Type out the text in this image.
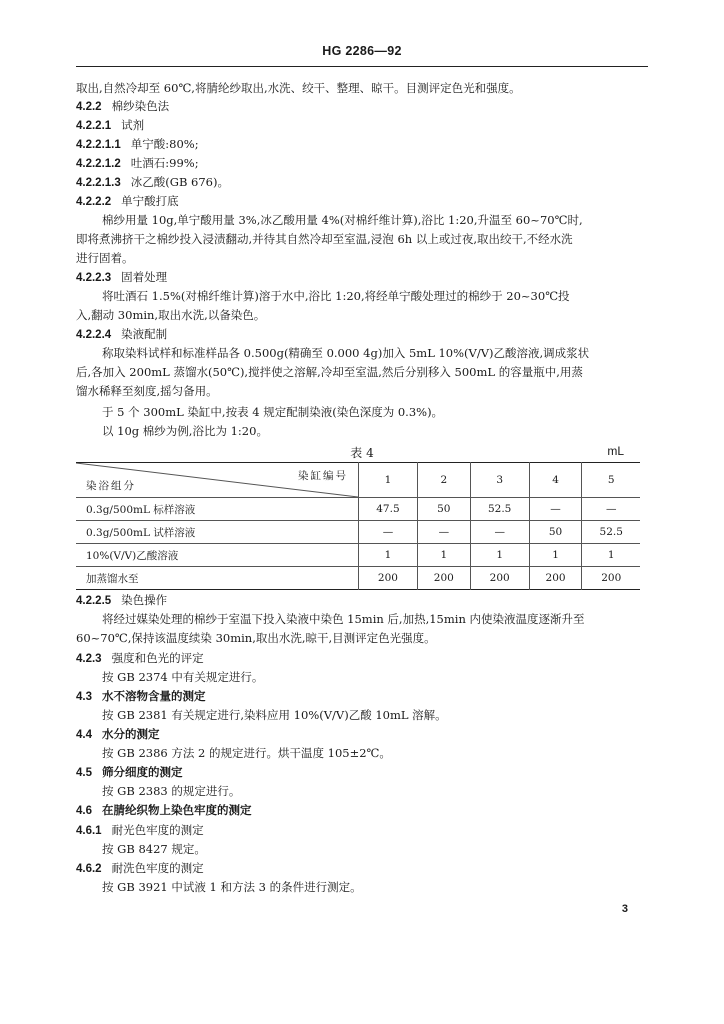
HG 2286—92
取出,自然冷却至 60℃,将腈纶纱取出,水洗、绞干、整理、晾干。目测评定色光和强度。
4.2.2 棉纱染色法
4.2.2.1 试剂
4.2.2.1.1 单宁酸:80%;
4.2.2.1.2 吐酒石:99%;
4.2.2.1.3 冰乙酸(GB 676)。
4.2.2.2 单宁酸打底
棉纱用量 10g,单宁酸用量 3%,冰乙酸用量 4%(对棉纤维计算),浴比 1:20,升温至 60~70℃时,
即将煮沸挤干之棉纱投入浸渍翻动,并待其自然冷却至室温,浸泡 6h 以上或过夜,取出绞干,不经水洗
进行固着。
4.2.2.3 固着处理
将吐酒石 1.5%(对棉纤维计算)溶于水中,浴比 1:20,将经单宁酸处理过的棉纱于 20~30℃投
入,翻动 30min,取出水洗,以备染色。
4.2.2.4 染液配制
称取染料试样和标准样品各 0.500g(精确至 0.000 4g)加入 5mL 10%(V/V)乙酸溶液,调成浆状
后,各加入 200mL 蒸馏水(50℃),搅拌使之溶解,冷却至室温,然后分别移入 500mL 的容量瓶中,用蒸
馏水稀释至刻度,摇匀备用。
于 5 个 300mL 染缸中,按表 4 规定配制染液(染色深度为 0.3%)。
以 10g 棉纱为例,浴比为 1:20。
表 4	mL
染缸编号
染浴组分	1	2	3	4	5
0.3g/500mL 标样溶液	47.5	50	52.5	—	—
0.3g/500mL 试样溶液	—	—	—	50	52.5
10%(V/V)乙酸溶液	1	1	1	1	1
加蒸馏水至	200	200	200	200	200
4.2.2.5 染色操作
将经过媒染处理的棉纱于室温下投入染液中染色 15min 后,加热,15min 内使染液温度逐渐升至
60~70℃,保持该温度续染 30min,取出水洗,晾干,目测评定色光强度。
4.2.3 强度和色光的评定
按 GB 2374 中有关规定进行。
4.3 水不溶物含量的测定
按 GB 2381 有关规定进行,染料应用 10%(V/V)乙酸 10mL 溶解。
4.4 水分的测定
按 GB 2386 方法 2 的规定进行。烘干温度 105±2℃。
4.5 筛分细度的测定
按 GB 2383 的规定进行。
4.6 在腈纶织物上染色牢度的测定
4.6.1 耐光色牢度的测定
按 GB 8427 规定。
4.6.2 耐洗色牢度的测定
按 GB 3921 中试液 1 和方法 3 的条件进行测定。
3
